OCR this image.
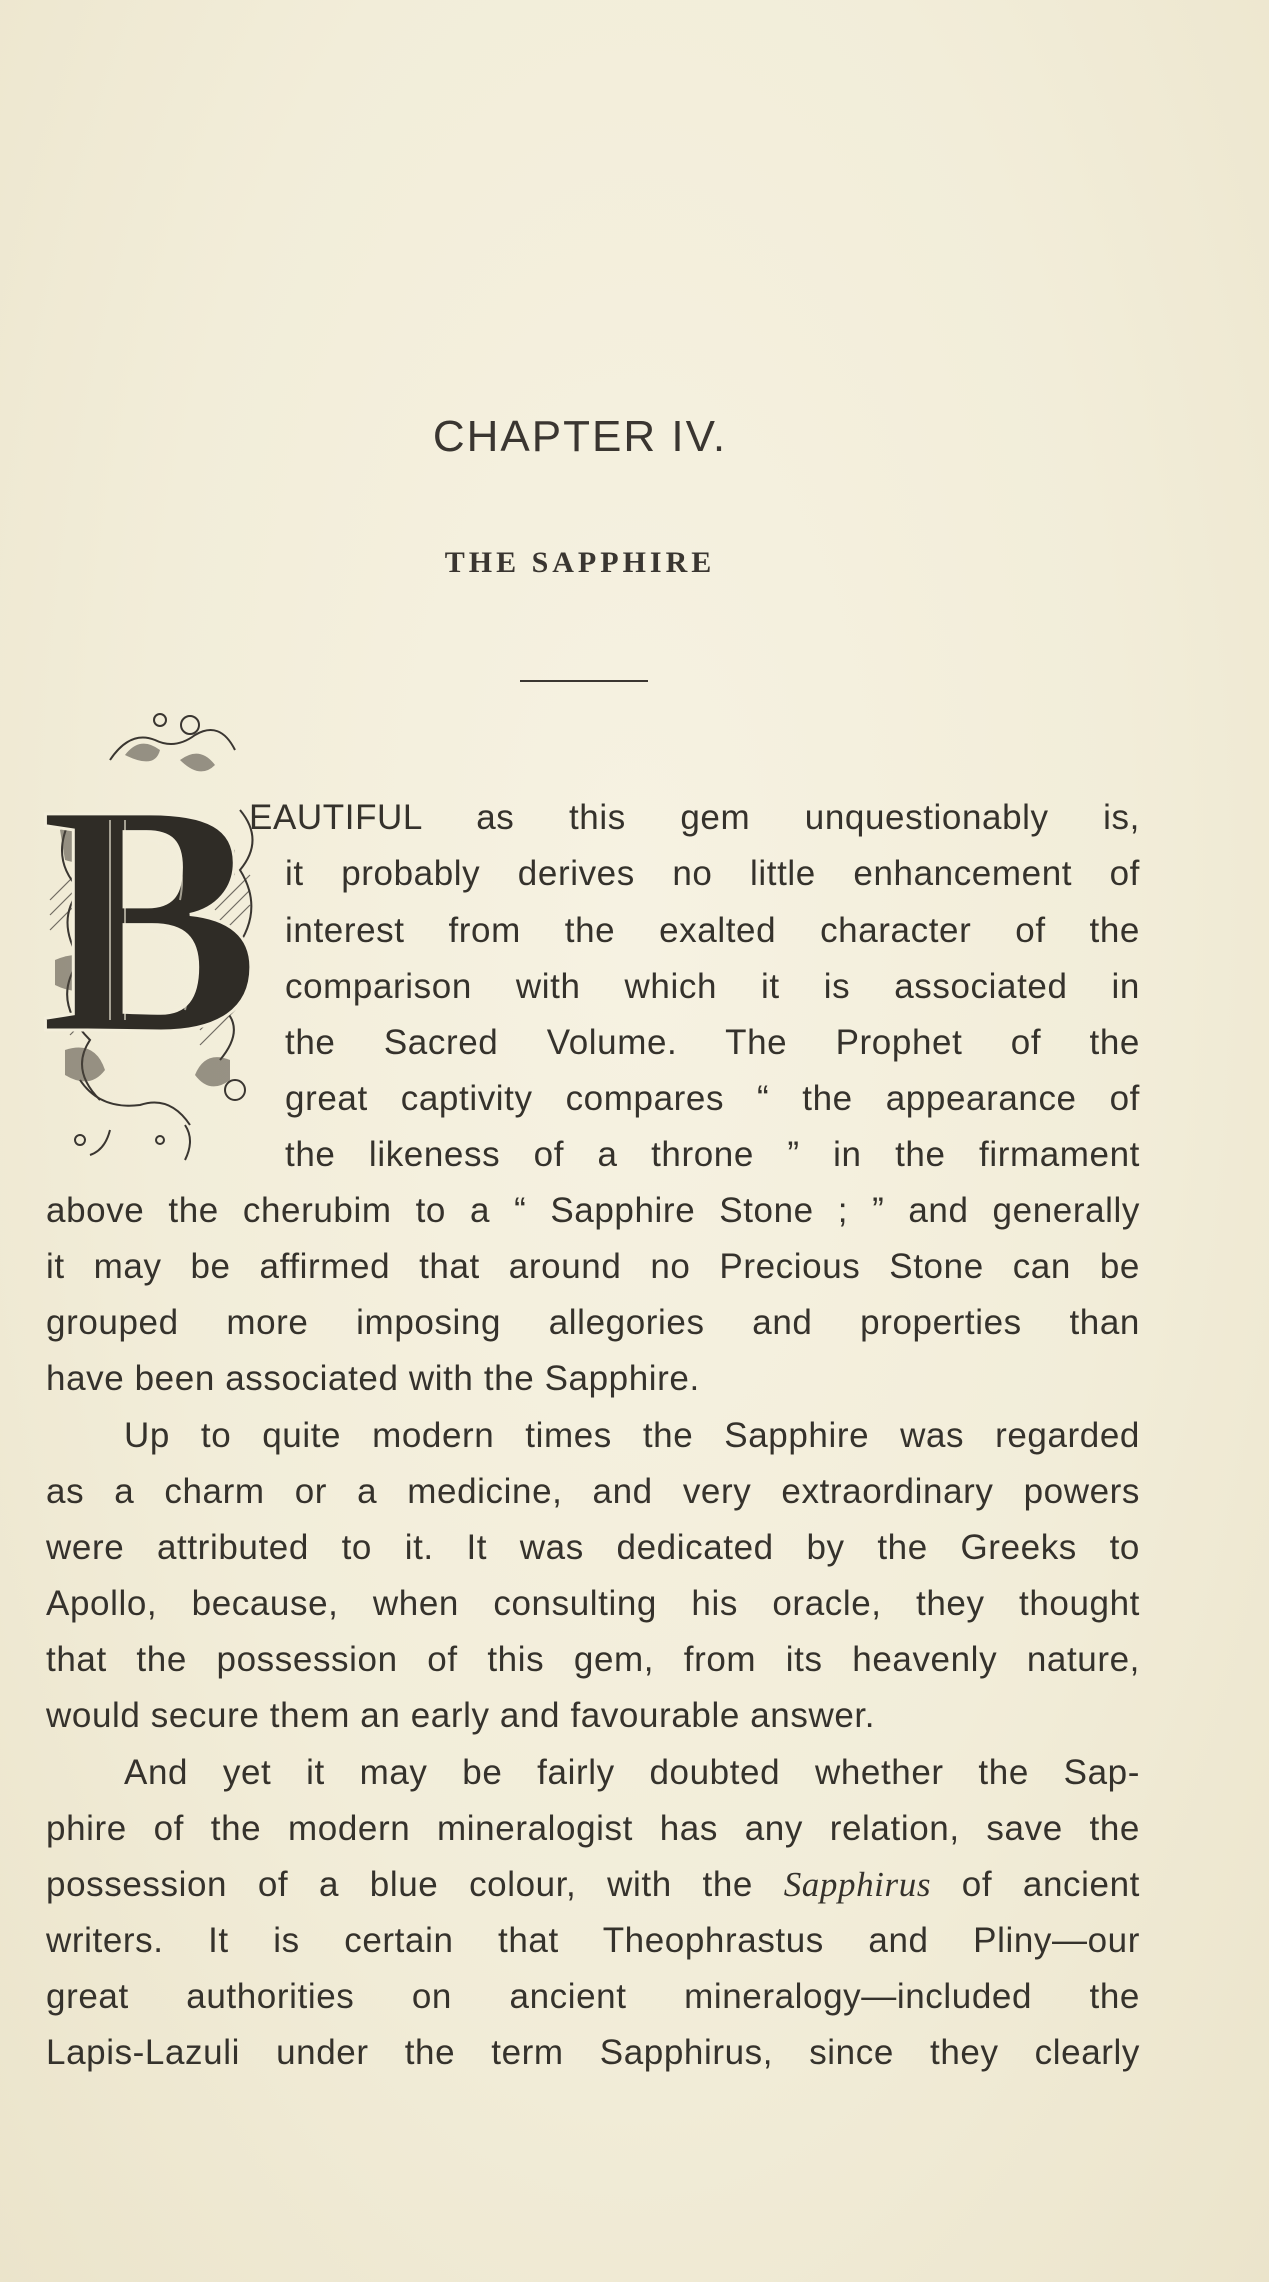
CHAPTER IV.
THE SAPPHIRE
B

EAUTIFUL as this gem unquestionably is,

it probably derives no little enhancement of

interest from the exalted character of the

comparison with which it is associated in

the Sacred Volume. The Prophet of the

great captivity compares “ the appearance of

the likeness of a throne ” in the firmament

above the cherubim to a “ Sapphire Stone ; ” and generally

it may be affirmed that around no Precious Stone can be

grouped more imposing allegories and properties than

have been associated with the Sapphire.

Up to quite modern times the Sapphire was regarded

as a charm or a medicine, and very extraordinary powers

were attributed to it. It was dedicated by the Greeks to

Apollo, because, when consulting his oracle, they thought

that the possession of this gem, from its heavenly nature,

would secure them an early and favourable answer.

And yet it may be fairly doubted whether the Sap-

phire of the modern mineralogist has any relation, save the

possession of a blue colour, with the Sapphirus of ancient

writers. It is certain that Theophrastus and Pliny—our

great authorities on ancient mineralogy—included the

Lapis-Lazuli under the term Sapphirus, since they clearly
